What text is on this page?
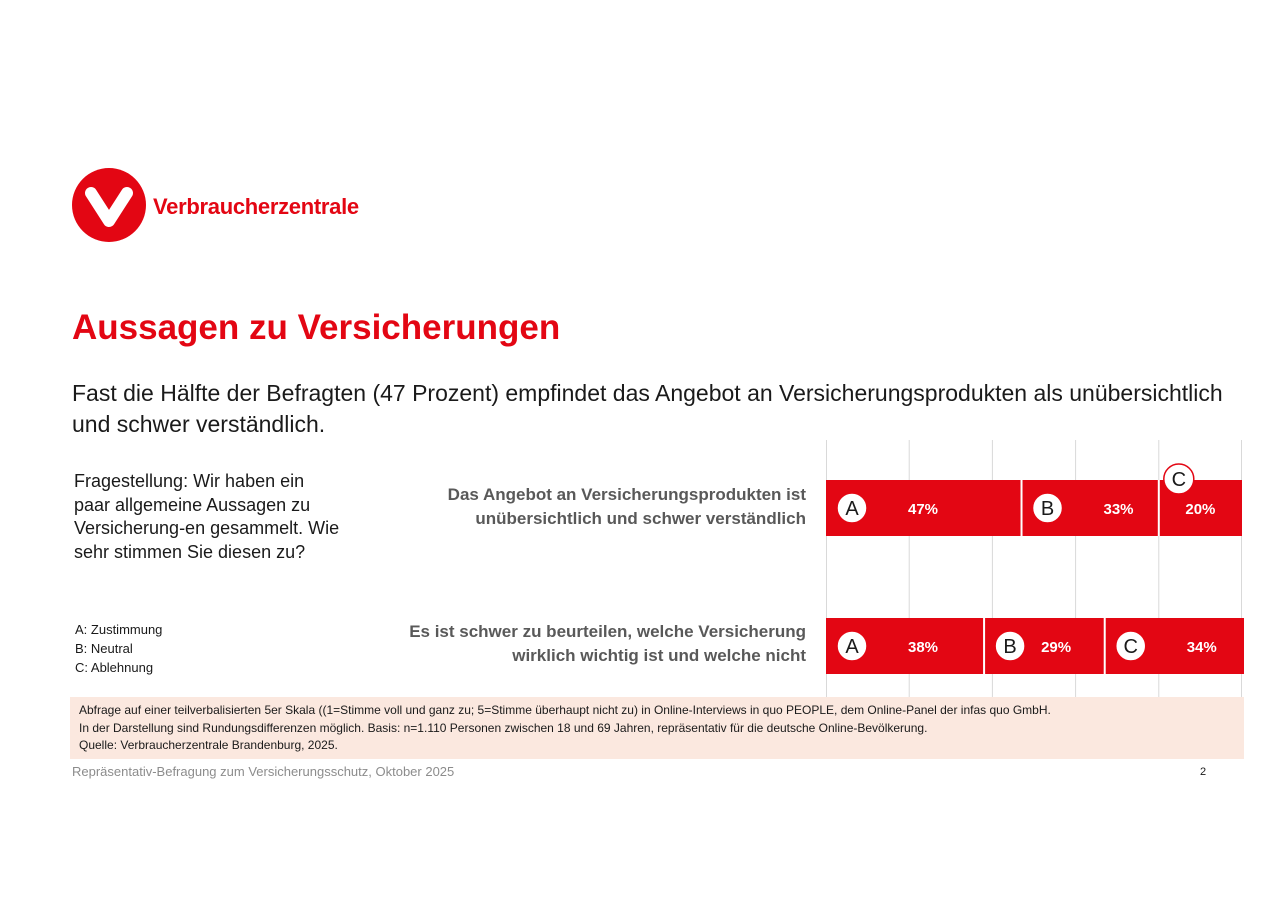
Verbraucherzentrale
Aussagen zu Versicherungen
Fast die Hälfte der Befragten (47 Prozent) empfindet das Angebot an Versicherungsprodukten als unübersichtlich und schwer verständlich.
Fragestellung: Wir haben ein paar allgemeine Aussagen zu Versicherung-en gesammelt. Wie sehr stimmen Sie diesen zu?
A: Zustimmung
B: Neutral
C: Ablehnung
Das Angebot an Versicherungsprodukten ist
unübersichtlich und schwer verständlich
Es ist schwer zu beurteilen, welche Versicherung
wirklich wichtig ist und welche nicht
A	47%	B	33%
C
20%
A	38%	B 29%	C	34%
Abfrage auf einer teilverbalisierten 5er Skala ((1=Stimme voll und ganz zu; 5=Stimme überhaupt nicht zu) in Online-Interviews in quo PEOPLE, dem Online-Panel der infas quo GmbH.
In der Darstellung sind Rundungsdifferenzen möglich. Basis: n=1.110 Personen zwischen 18 und 69 Jahren, repräsentativ für die deutsche Online-Bevölkerung.
Quelle: Verbraucherzentrale Brandenburg, 2025.
Repräsentativ-Befragung zum Versicherungsschutz, Oktober 2025	2
